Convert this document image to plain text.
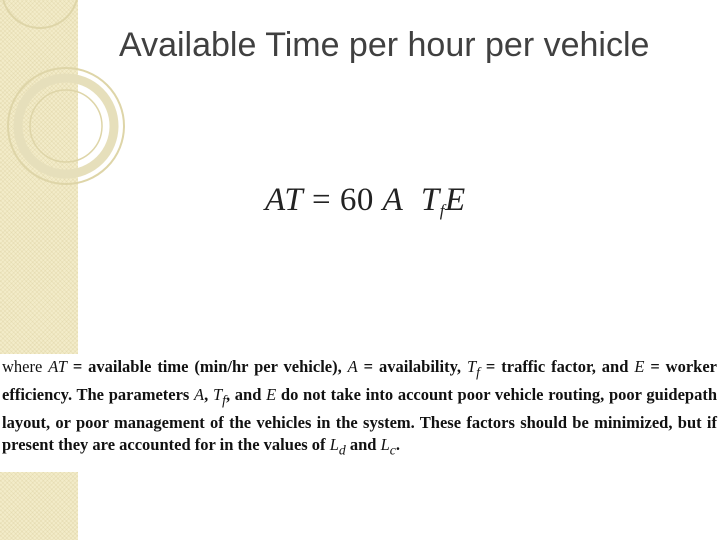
Available Time per hour per vehicle
AT = 60 A $T_fE$
where AT = available time (min/hr per vehicle), A = availability, $T_f$ = traffic factor, and E = worker efficiency. The parameters A, $T_f$, and E do not take into account poor vehicle routing, poor guidepath layout, or poor management of the vehicles in the system. These factors should be minimized, but if present they are accounted for in the values of $L_d$ and $L_c$.
